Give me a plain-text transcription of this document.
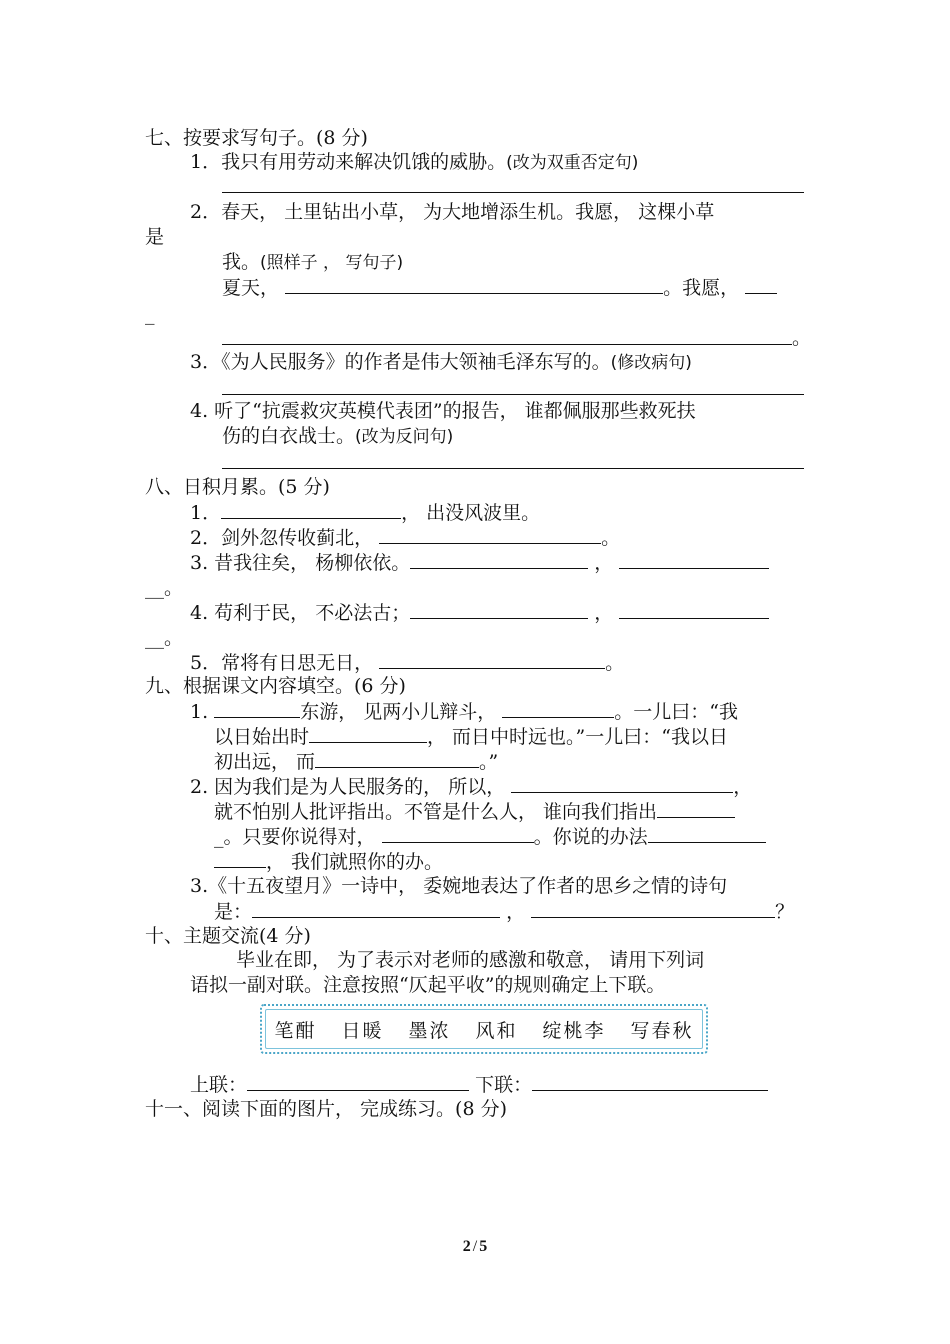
七、按要求写句子。(8 分)
1．我只有用劳动来解决饥饿的威胁。(改为双重否定句)
2．春天， 土里钻出小草， 为大地增添生机。我愿， 这棵小草
是
我。(照样子 ， 写句子)
夏天，	。我愿，
_
。
3．《为人民服务》的作者是伟大领袖毛泽东写的。(修改病句)
4. 听了“抗震救灾英模代表团”的报告， 谁都佩服那些救死扶
伤的白衣战士。(改为反问句)
八、日积月累。(5 分)
1．	， 出没风波里。
2．剑外忽传收蓟北，	。
3. 昔我往矣， 杨柳依依。	，
__。
4. 苟利于民， 不必法古；	，
__。
5．常将有日思无日，	。
九、根据课文内容填空。(6 分)
1.	东游， 见两小儿辩斗，	。一儿曰：“我
以日始出时	， 而日中时远也。”一儿曰：“我以日
初出远， 而	。”
2. 因为我们是为人民服务的， 所以，	，
就不怕别人批评指出。不管是什么人， 谁向我们指出
_。只要你说得对，	。你说的办法
， 我们就照你的办。
3.《十五夜望月》一诗中， 委婉地表达了作者的思乡之情的诗句
是：	，	？
十、主题交流(4 分)
毕业在即， 为了表示对老师的感激和敬意， 请用下列词
语拟一副对联。注意按照“仄起平收”的规则确定上下联。
笔酣 日暖 墨浓 风和 绽桃李 写春秋
上联：	下联：
十一、阅读下面的图片， 完成练习。(8 分)
2 / 5
